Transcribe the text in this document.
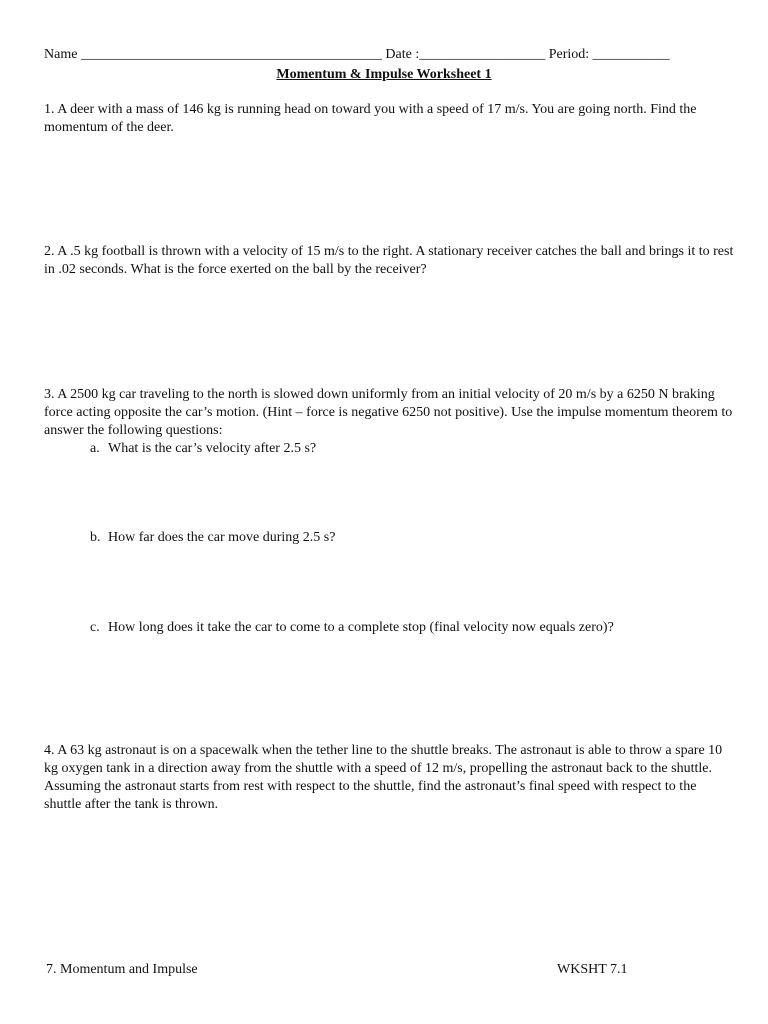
Name ___________________________________________ Date :__________________ Period: ___________
Momentum & Impulse Worksheet 1
1. A deer with a mass of 146 kg is running head on toward you with a speed of 17 m/s. You are going north. Find the momentum of the deer.
2. A .5 kg football is thrown with a velocity of 15 m/s to the right. A stationary receiver catches the ball and brings it to rest in .02 seconds. What is the force exerted on the ball by the receiver?
3. A 2500 kg car traveling to the north is slowed down uniformly from an initial velocity of 20 m/s by a 6250 N braking force acting opposite the car’s motion. (Hint – force is negative 6250 not positive). Use the impulse momentum theorem to answer the following questions:
a. What is the car’s velocity after 2.5 s?
b. How far does the car move during 2.5 s?
c. How long does it take the car to come to a complete stop (final velocity now equals zero)?
4. A 63 kg astronaut is on a spacewalk when the tether line to the shuttle breaks. The astronaut is able to throw a spare 10 kg oxygen tank in a direction away from the shuttle with a speed of 12 m/s, propelling the astronaut back to the shuttle. Assuming the astronaut starts from rest with respect to the shuttle, find the astronaut’s final speed with respect to the shuttle after the tank is thrown.
7. Momentum and Impulse	WKSHT 7.1
